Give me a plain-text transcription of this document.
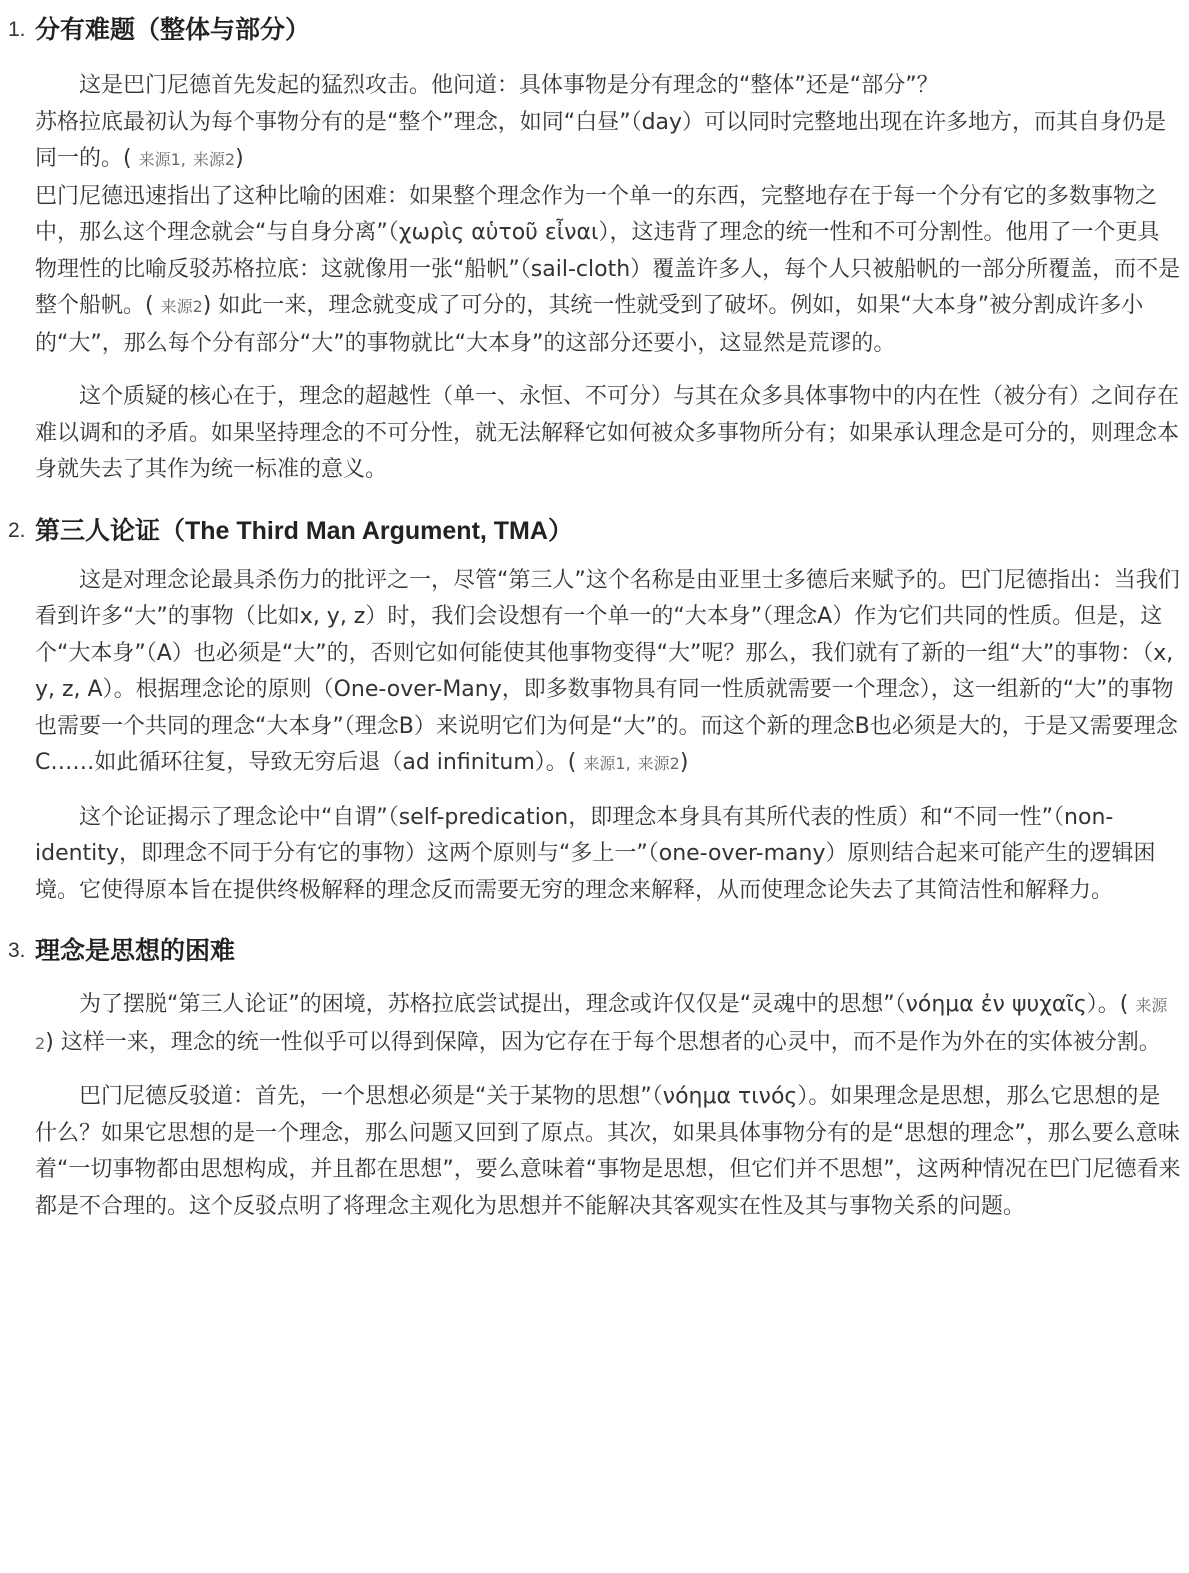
1. 分有难题（整体与部分）
这是巴门尼德首先发起的猛烈攻击。他问道：具体事物是分有理念的“整体”还是“部分”？
苏格拉底最初认为每个事物分有的是“整个”理念，如同“白昼”（day）可以同时完整地出现在许多地方，而其自身仍是同一的。( 来源1, 来源2)
巴门尼德迅速指出了这种比喻的困难：如果整个理念作为一个单一的东西，完整地存在于每一个分有它的多数事物之中，那么这个理念就会“与自身分离”（χωρὶς αὑτοῦ εἶναι），这违背了理念的统一性和不可分割性。他用了一个更具物理性的比喻反驳苏格拉底：这就像用一张“船帆”（sail-cloth）覆盖许多人，每个人只被船帆的一部分所覆盖，而不是整个船帆。( 来源2) 如此一来，理念就变成了可分的，其统一性就受到了破坏。例如，如果“大本身”被分割成许多小的“大”，那么每个分有部分“大”的事物就比“大本身”的这部分还要小，这显然是荒谬的。

这个质疑的核心在于，理念的超越性（单一、永恒、不可分）与其在众多具体事物中的内在性（被分有）之间存在难以调和的矛盾。如果坚持理念的不可分性，就无法解释它如何被众多事物所分有；如果承认理念是可分的，则理念本身就失去了其作为统一标准的意义。

2. 第三人论证（The Third Man Argument, TMA）

这是对理念论最具杀伤力的批评之一，尽管“第三人”这个名称是由亚里士多德后来赋予的。巴门尼德指出：当我们看到许多“大”的事物（比如x, y, z）时，我们会设想有一个单一的“大本身”（理念A）作为它们共同的性质。但是，这个“大本身”（A）也必须是“大”的，否则它如何能使其他事物变得“大”呢？那么，我们就有了新的一组“大”的事物：（x, y, z, A）。根据理念论的原则（One-over-Many，即多数事物具有同一性质就需要一个理念），这一组新的“大”的事物也需要一个共同的理念“大本身”（理念B）来说明它们为何是“大”的。而这个新的理念B也必须是大的，于是又需要理念C……如此循环往复，导致无穷后退（ad infinitum）。( 来源1, 来源2)

这个论证揭示了理念论中“自谓”（self-predication，即理念本身具有其所代表的性质）和“不同一性”（non-identity，即理念不同于分有它的事物）这两个原则与“多上一”（one-over-many）原则结合起来可能产生的逻辑困境。它使得原本旨在提供终极解释的理念反而需要无穷的理念来解释，从而使理念论失去了其简洁性和解释力。

3. 理念是思想的困难

为了摆脱“第三人论证”的困境，苏格拉底尝试提出，理念或许仅仅是“灵魂中的思想”（νόημα ἐν ψυχαῖς）。( 来源2) 这样一来，理念的统一性似乎可以得到保障，因为它存在于每个思想者的心灵中，而不是作为外在的实体被分割。

巴门尼德反驳道：首先，一个思想必须是“关于某物的思想”（νόημα τινός）。如果理念是思想，那么它思想的是什么？如果它思想的是一个理念，那么问题又回到了原点。其次，如果具体事物分有的是“思想的理念”，那么要么意味着“一切事物都由思想构成，并且都在思想”，要么意味着“事物是思想，但它们并不思想”，这两种情况在巴门尼德看来都是不合理的。这个反驳点明了将理念主观化为思想并不能解决其客观实在性及其与事物关系的问题。
